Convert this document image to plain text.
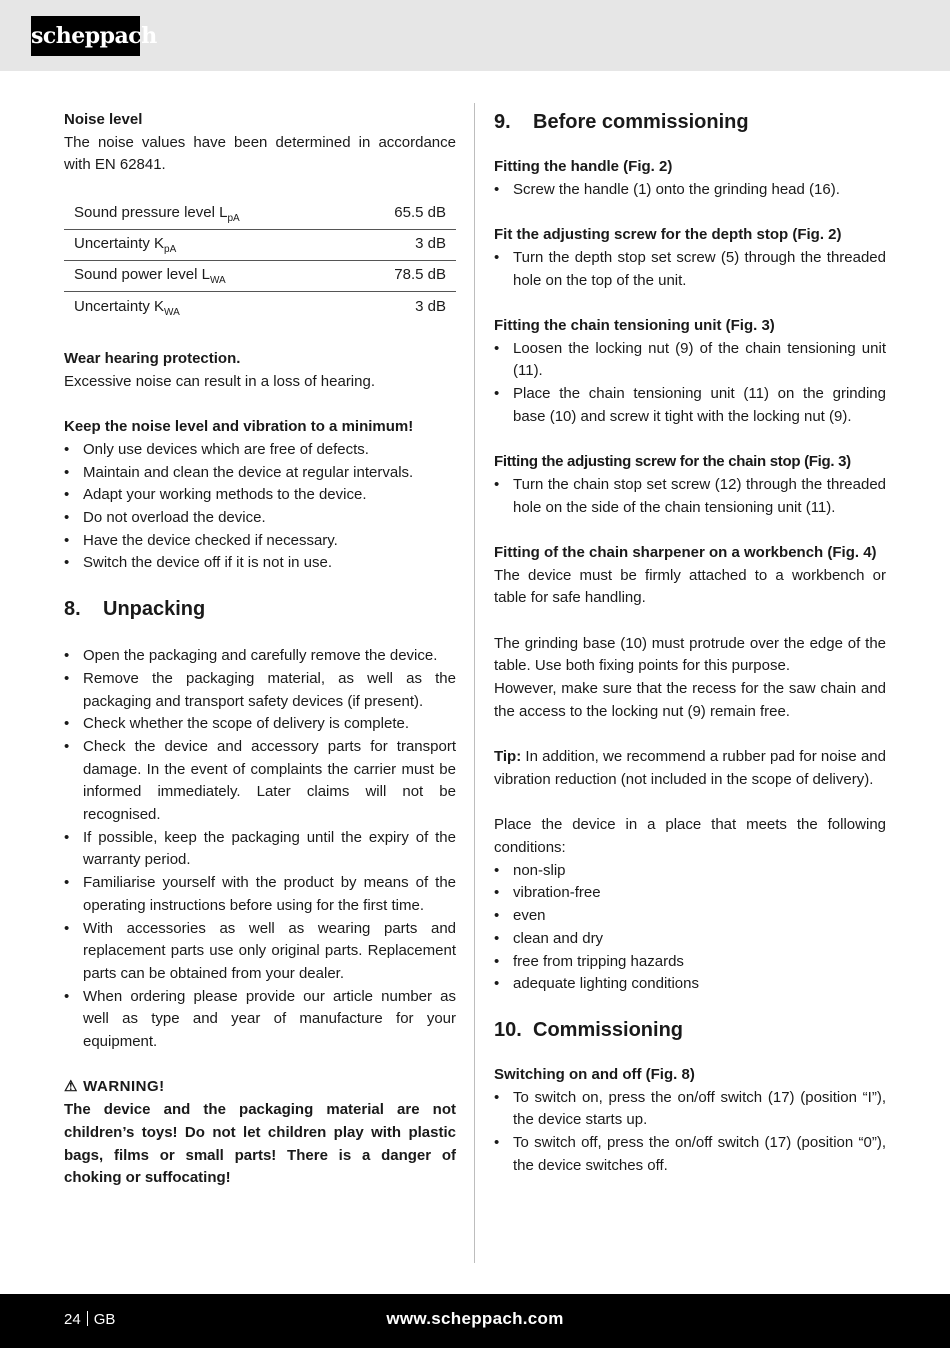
scheppach

Noise level

The noise values have been determined in accordance with EN 62841.

Sound pressure level $L_{pA}$	65.5 dB
Uncertainty $K_{pA}$	3 dB
Sound power level $L_{WA}$	78.5 dB
Uncertainty $K_{WA}$	3 dB

Wear hearing protection.

Excessive noise can result in a loss of hearing.

Keep the noise level and vibration to a minimum!

• Only use devices which are free of defects.
• Maintain and clean the device at regular intervals.
• Adapt your working methods to the device.
• Do not overload the device.
• Have the device checked if necessary.
• Switch the device off if it is not in use.
8.	Unpacking
• Open the packaging and carefully remove the device.
• Remove the packaging material, as well as the packaging and transport safety devices (if present).
• Check whether the scope of delivery is complete.
• Check the device and accessory parts for transport damage. In the event of complaints the carrier must be informed immediately. Later claims will not be recognised.
• If possible, keep the packaging until the expiry of the warranty period.
• Familiarise yourself with the product by means of the operating instructions before using for the first time.
• With accessories as well as wearing parts and replacement parts use only original parts. Replacement parts can be obtained from your dealer.
• When ordering please provide our article number as well as type and year of manufacture for your equipment.

⚠ WARNING!

The device and the packaging material are not children’s toys! Do not let children play with plastic bags, films or small parts! There is a danger of choking or suffocating!

9.	Before commissioning

Fitting the handle (Fig. 2)

• Screw the handle (1) onto the grinding head (16).

Fit the adjusting screw for the depth stop (Fig. 2)

• Turn the depth stop set screw (5) through the threaded hole on the top of the unit.

Fitting the chain tensioning unit (Fig. 3)

• Loosen the locking nut (9) of the chain tensioning unit (11).
• Place the chain tensioning unit (11) on the grinding base (10) and screw it tight with the locking nut (9).

Fitting the adjusting screw for the chain stop (Fig. 3)

• Turn the chain stop set screw (12) through the threaded hole on the side of the chain tensioning unit (11).

Fitting of the chain sharpener on a workbench (Fig. 4)

The device must be firmly attached to a workbench or table for safe handling.

The grinding base (10) must protrude over the edge of the table. Use both fixing points for this purpose.

However, make sure that the recess for the saw chain and the access to the locking nut (9) remain free.

Tip: In addition, we recommend a rubber pad for noise and vibration reduction (not included in the scope of delivery).

Place the device in a place that meets the following conditions:

• non-slip
• vibration-free
• even
• clean and dry
• free from tripping hazards
• adequate lighting conditions
10. Commissioning

Switching on and off (Fig. 8)

• To switch on, press the on/off switch (17) (position “I”), the device starts up.
• To switch off, press the on/off switch (17) (position “0”), the device switches off.
24 GB	www.scheppach.com
